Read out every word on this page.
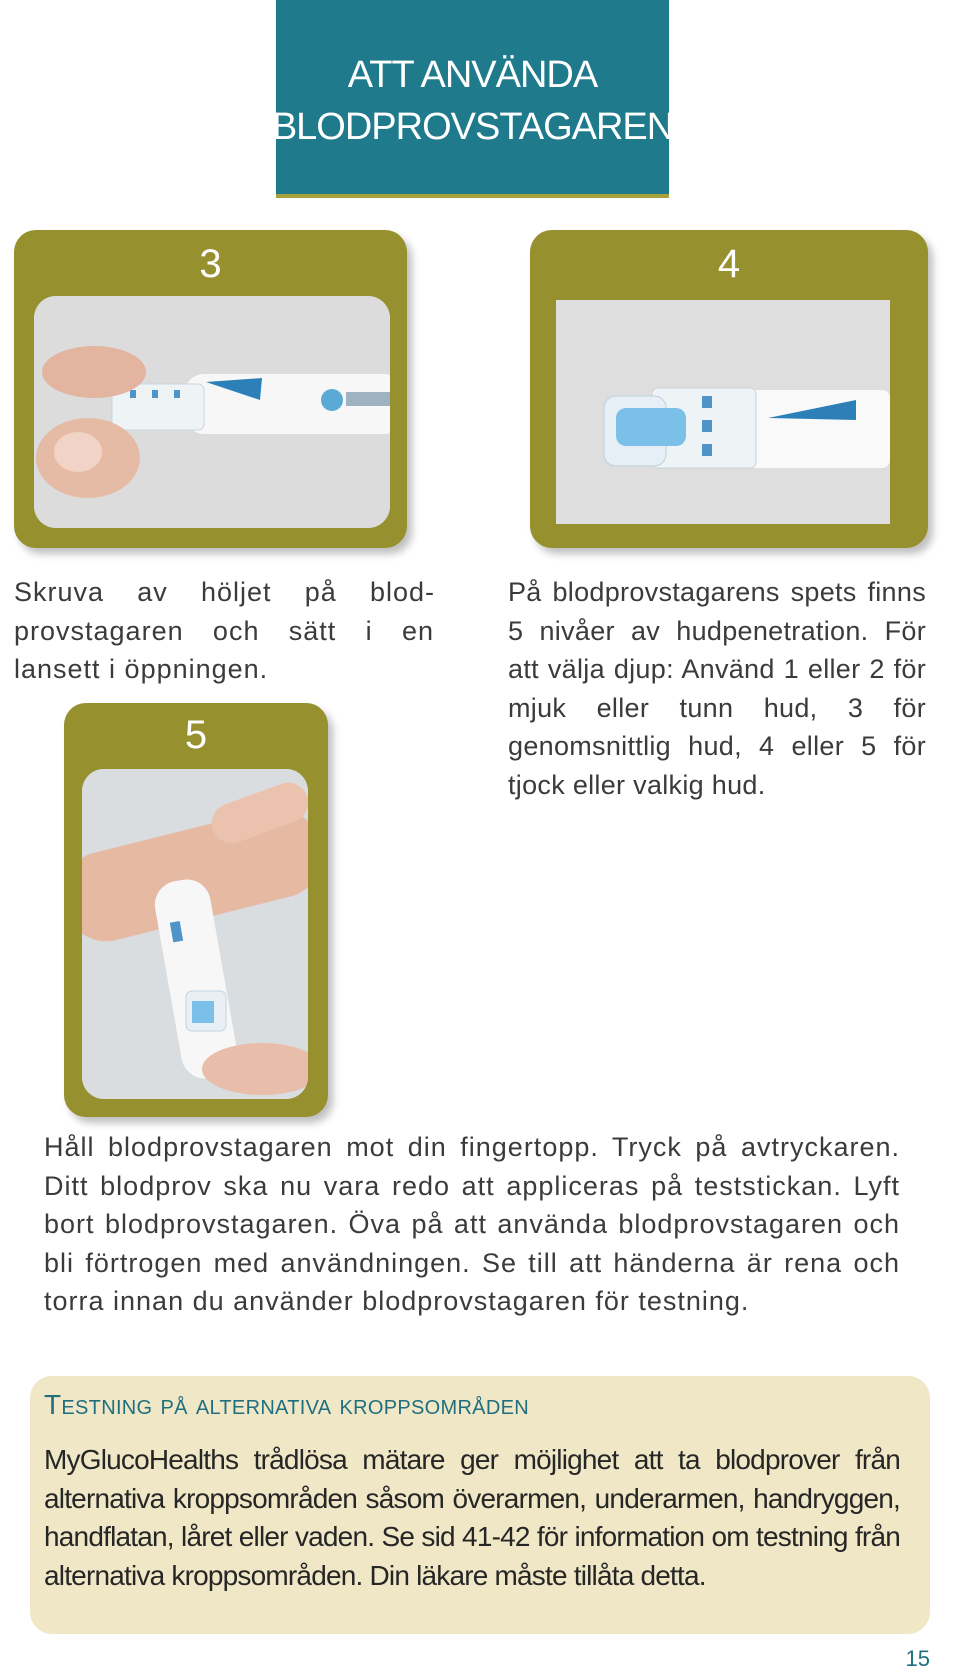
ATT ANVÄNDA
BLODPROVSTAGAREN
3	4
Skruva av höljet på blodprovstagaren och sätt i en lansett i öppningen.
På blodprovstagarens spets finns 5 nivåer av hudpenetration. För att välja djup: Använd 1 eller 2 för mjuk eller tunn hud, 3 för genomsnittlig hud, 4 eller 5 för tjock eller valkig hud.
5
Håll blodprovstagaren mot din fingertopp. Tryck på avtryckaren. Ditt blodprov ska nu vara redo att appliceras på teststickan. Lyft bort blodprovstagaren. Öva på att använda blodprovstagaren och bli förtrogen med användningen. Se till att händerna är rena och torra innan du använder blodprovstagaren för testning.
Testning på alternativa kroppsområden
MyGlucoHealths trådlösa mätare ger möjlighet att ta blodprover från alternativa kroppsområden såsom överarmen, underarmen, handryggen, handflatan, låret eller vaden. Se sid 41-42 för information om testning från alternativa kroppsområden. Din läkare måste tillåta detta.
15
